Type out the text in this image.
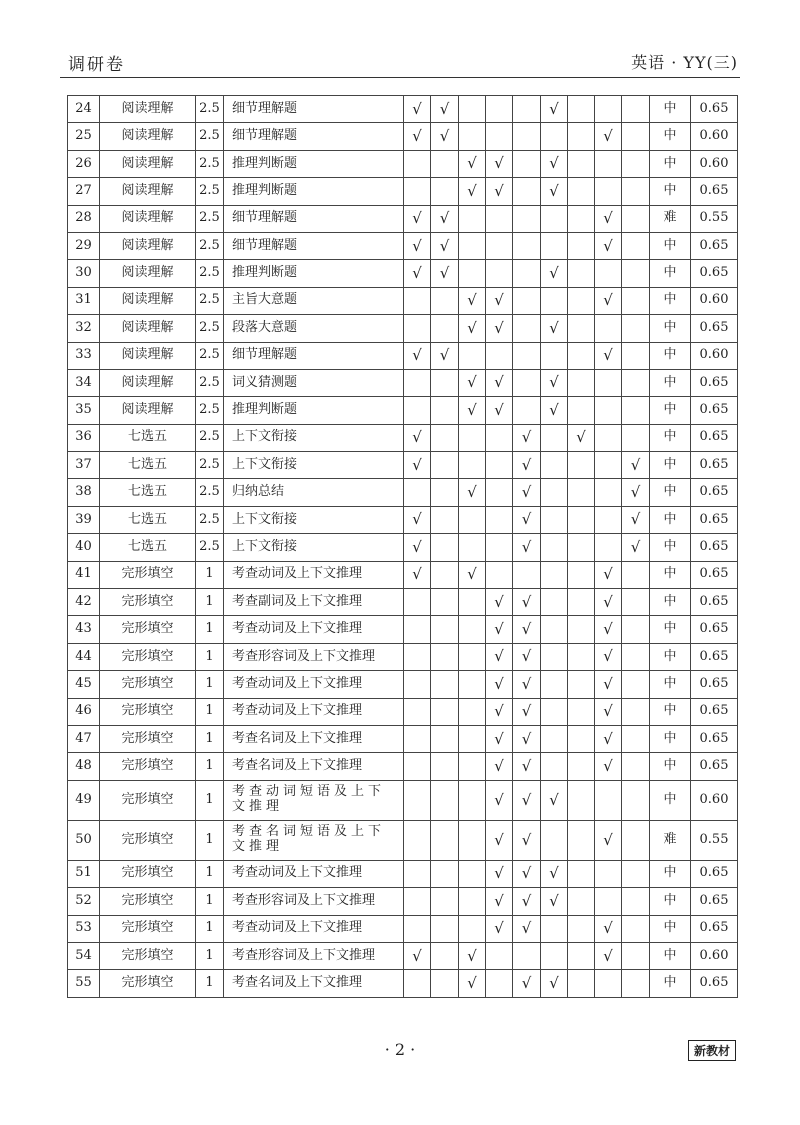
调研卷	英语 · YY(三)
24	阅读理解	2.5	细节理解题	√	√				√				中	0.65
25	阅读理解	2.5	细节理解题	√	√						√		中	0.60
26	阅读理解	2.5	推理判断题			√	√		√				中	0.60
27	阅读理解	2.5	推理判断题			√	√		√				中	0.65
28	阅读理解	2.5	细节理解题	√	√						√		难	0.55
29	阅读理解	2.5	细节理解题	√	√						√		中	0.65
30	阅读理解	2.5	推理判断题	√	√				√				中	0.65
31	阅读理解	2.5	主旨大意题			√	√				√		中	0.60
32	阅读理解	2.5	段落大意题			√	√		√				中	0.65
33	阅读理解	2.5	细节理解题	√	√						√		中	0.60
34	阅读理解	2.5	词义猜测题			√	√		√				中	0.65
35	阅读理解	2.5	推理判断题			√	√		√				中	0.65
36	七选五	2.5	上下文衔接	√				√		√			中	0.65
37	七选五	2.5	上下文衔接	√				√				√	中	0.65
38	七选五	2.5	归纳总结			√		√				√	中	0.65
39	七选五	2.5	上下文衔接	√				√				√	中	0.65
40	七选五	2.5	上下文衔接	√				√				√	中	0.65
41	完形填空	1	考查动词及上下文推理	√		√					√		中	0.65
42	完形填空	1	考查副词及上下文推理				√	√			√		中	0.65
43	完形填空	1	考查动词及上下文推理				√	√			√		中	0.65
44	完形填空	1	考查形容词及上下文推理				√	√			√		中	0.65
45	完形填空	1	考查动词及上下文推理				√	√			√		中	0.65
46	完形填空	1	考查动词及上下文推理				√	√			√		中	0.65
47	完形填空	1	考查名词及上下文推理				√	√			√		中	0.65
48	完形填空	1	考查名词及上下文推理				√	√			√		中	0.65
49	完形填空	1	考查动词短语及上下文推理				√	√	√				中	0.60
50	完形填空	1	考查名词短语及上下文推理				√	√			√		难	0.55
51	完形填空	1	考查动词及上下文推理				√	√	√				中	0.65
52	完形填空	1	考查形容词及上下文推理				√	√	√				中	0.65
53	完形填空	1	考查动词及上下文推理				√	√			√		中	0.65
54	完形填空	1	考查形容词及上下文推理	√		√					√		中	0.60
55	完形填空	1	考查名词及上下文推理			√		√	√				中	0.65
· 2 ·	新教材
